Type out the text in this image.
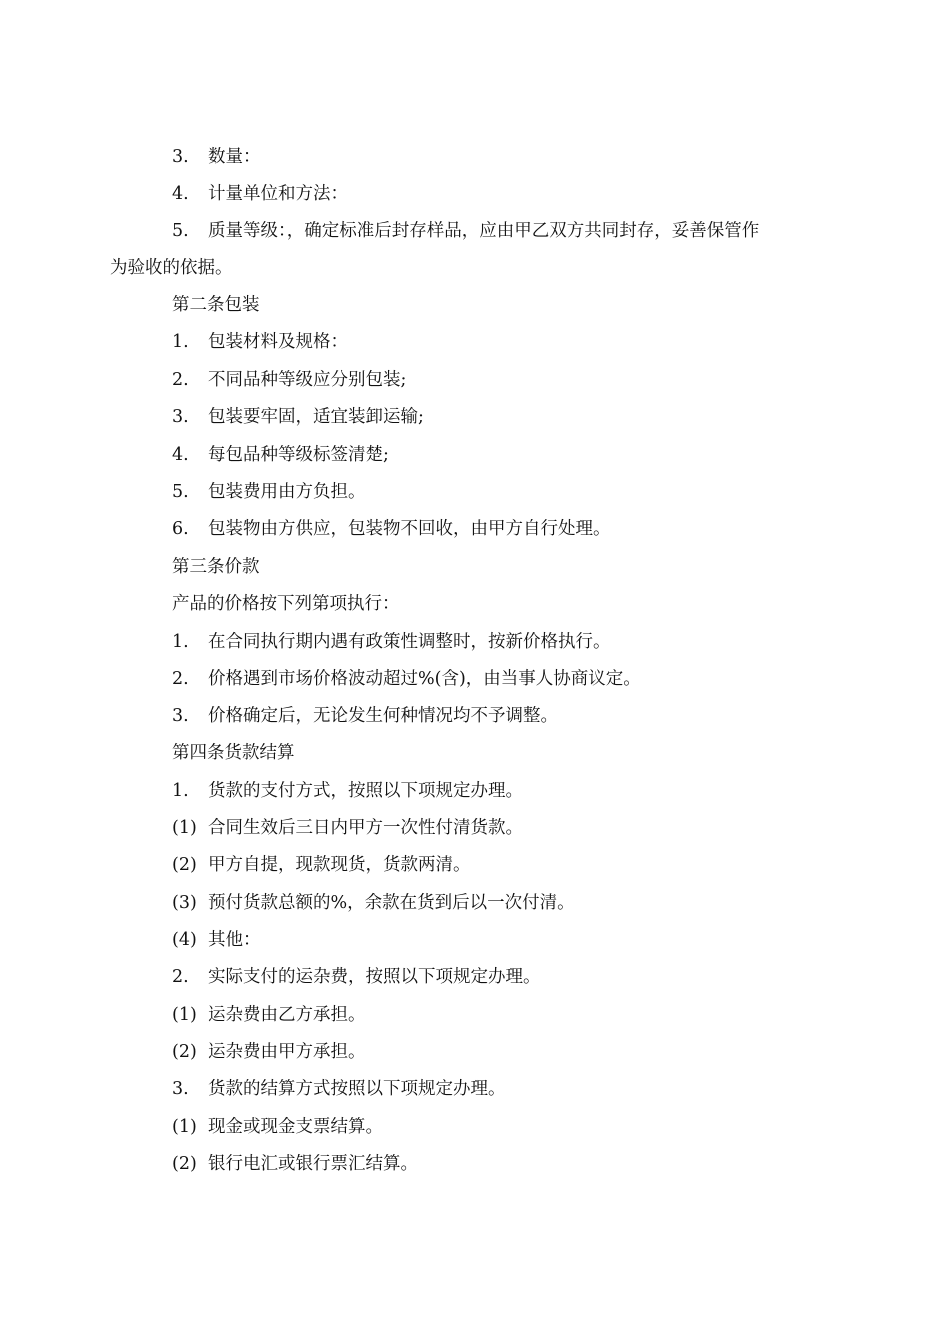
3. 数量：
4. 计量单位和方法：
5. 质量等级：，确定标准后封存样品，应由甲乙双方共同封存，妥善保管作
为验收的依据。
第二条包装
1. 包装材料及规格：
2. 不同品种等级应分别包装;
3. 包装要牢固，适宜装卸运输;
4. 每包品种等级标签清楚;
5. 包装费用由方负担。
6. 包装物由方供应，包装物不回收，由甲方自行处理。
第三条价款
产品的价格按下列第项执行：
1. 在合同执行期内遇有政策性调整时，按新价格执行。
2. 价格遇到市场价格波动超过%(含)，由当事人协商议定。
3. 价格确定后，无论发生何种情况均不予调整。
第四条货款结算
1. 货款的支付方式，按照以下项规定办理。
(1) 合同生效后三日内甲方一次性付清货款。
(2) 甲方自提，现款现货，货款两清。
(3) 预付货款总额的%，余款在货到后以一次付清。
(4) 其他：
2. 实际支付的运杂费，按照以下项规定办理。
(1) 运杂费由乙方承担。
(2) 运杂费由甲方承担。
3. 货款的结算方式按照以下项规定办理。
(1) 现金或现金支票结算。
(2) 银行电汇或银行票汇结算。
